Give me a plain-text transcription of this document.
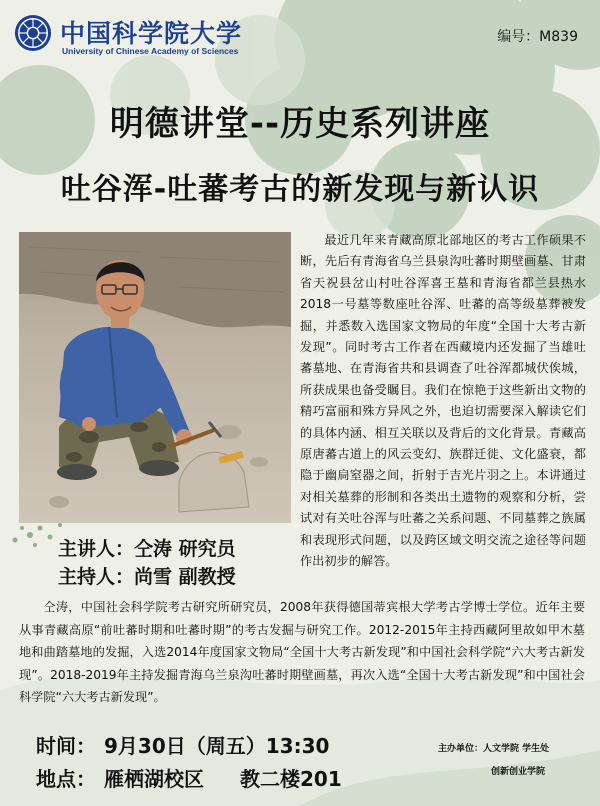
中国科学院大学
University of Chinese Academy of Sciences
编号：M839
明德讲堂--历史系列讲座
吐谷浑-吐蕃考古的新发现与新认识
最近几年来青藏高原北部地区的考古工作硕果不断，先后有青海省乌兰县泉沟吐蕃时期壁画墓、甘肃省天祝县岔山村吐谷浑喜王墓和青海省都兰县热水2018一号墓等数座吐谷浑、吐蕃的高等级墓葬被发掘，并悉数入选国家文物局的年度“全国十大考古新发现”。同时考古工作者在西藏境内还发掘了当雄吐蕃墓地、在青海省共和县调查了吐谷浑都城伏俟城，所获成果也备受瞩目。我们在惊艳于这些新出文物的精巧富丽和殊方异风之外，也迫切需要深入解读它们的具体内涵、相互关联以及背后的文化背景。青藏高原唐蕃古道上的风云变幻、族群迁徙、文化盛衰，都隐于幽扃窒器之间，折射于吉光片羽之上。本讲通过对相关墓葬的形制和各类出土遗物的观察和分析，尝试对有关吐谷浑与吐蕃之关系问题、不同墓葬之族属和表现形式问题，以及跨区域文明交流之途径等问题作出初步的解答。
主讲人：仝涛 研究员
主持人：尚雪 副教授
仝涛，中国社会科学院考古研究所研究员，2008年获得德国蒂宾根大学考古学博士学位。近年主要从事青藏高原“前吐蕃时期和吐蕃时期”的考古发掘与研究工作。2012-2015年主持西藏阿里故如甲木墓地和曲踏墓地的发掘，入选2014年度国家文物局“全国十大考古新发现”和中国社会科学院“六大考古新发现”。2018-2019年主持发掘青海乌兰泉沟吐蕃时期壁画墓，再次入选“全国十大考古新发现”和中国社会科学院“六大考古新发现”。
时间： 9月30日（周五）13:30
地点： 雁栖湖校区 教二楼201
主办单位：人文学院 学生处
创新创业学院
